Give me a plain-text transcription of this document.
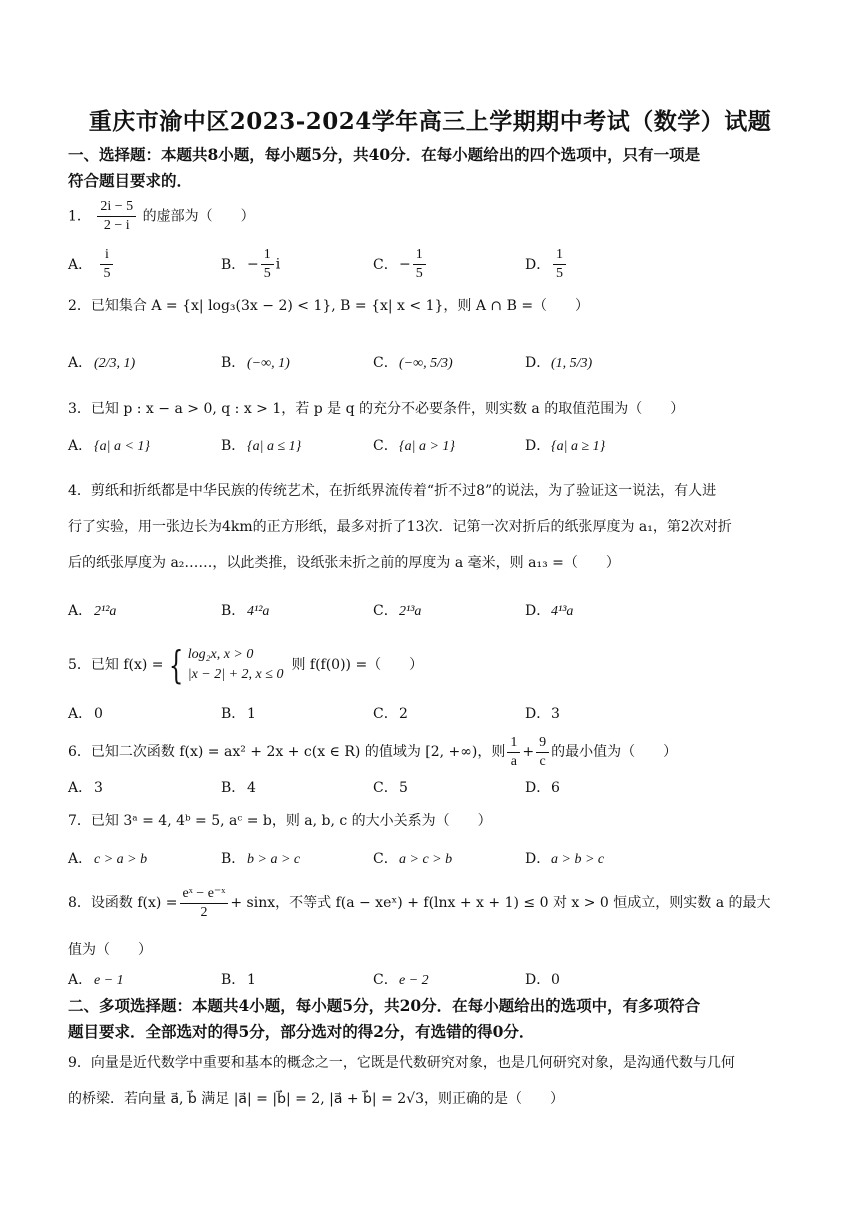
重庆市渝中区2023-2024学年高三上学期期中考试（数学）试题
一、选择题：本题共8小题，每小题5分，共40分．在每小题给出的四个选项中，只有一项是
符合题目要求的．
1． $\frac{2i - 5}{2 - i}$ 的虚部为（　　）
A． $\frac{i}{5}$	B． − $\frac{1}{5}$ i	C．− $\frac{1}{5}$	D． $\frac{1}{5}$
2．已知集合 A = {x| log₃(3x − 2) < 1}, B = {x| x < 1}，则 A ∩ B =（　　）
A． (2/3, 1)	B． (−∞, 1)	C．(−∞, 5/3)	D．(1, 5/3)
3．已知 p : x − a > 0, q : x > 1，若 p 是 q 的充分不必要条件，则实数 a 的取值范围为（　　）
A． {a| a < 1}	B． {a| a ≤ 1}	C．{a| a > 1}	D．{a| a ≥ 1}
4．剪纸和折纸都是中华民族的传统艺术，在折纸界流传着“折不过8”的说法，为了验证这一说法，有人进
行了实验，用一张边长为4km的正方形纸，最多对折了13次．记第一次对折后的纸张厚度为 a₁，第2次对折
后的纸张厚度为 a₂……，以此类推，设纸张未折之前的厚度为 a 毫米，则 a₁₃ =（　　）
A． 2¹²a	B． 4¹²a	C．2¹³a	D．4¹³a
5．已知 f(x) = { log₂x, x > 0
|x − 2| + 2, x ≤ 0
则 f(f(0)) =（　　）
A． 0	B． 1	C．2	D．3
6．已知二次函数 f(x) = ax² + 2x + c(x ∈ R) 的值域为 [2, +∞)，则 $\frac{1}{a} + \frac{9}{c}$ 的最小值为（　　）
A． 3	B． 4	C．5	D．6
7．已知 3ᵃ = 4, 4ᵇ = 5, aᶜ = b，则 a, b, c 的大小关系为（　　）
A． c > a > b	B． b > a > c	C．a > c > b	D．a > b > c
8．设函数 $f(x) = \frac{\text{eˣ − e⁻ˣ}}{2} + \sin x$，不等式 f(a − xeˣ) + f(lnx + x + 1) ≤ 0 对 x > 0 恒成立，则实数 a 的最大
值为（　　）
A． e − 1	B． 1	C．e − 2	D．0
二、多项选择题：本题共4小题，每小题5分，共20分．在每小题给出的选项中，有多项符合
题目要求．全部选对的得5分，部分选对的得2分，有选错的得0分．
9．向量是近代数学中重要和基本的概念之一，它既是代数研究对象，也是几何研究对象，是沟通代数与几何
的桥梁．若向量 a⃗, b⃗ 满足 |a⃗| = |b⃗| = 2, |a⃗ + b⃗| = 2√3，则正确的是（　　）
